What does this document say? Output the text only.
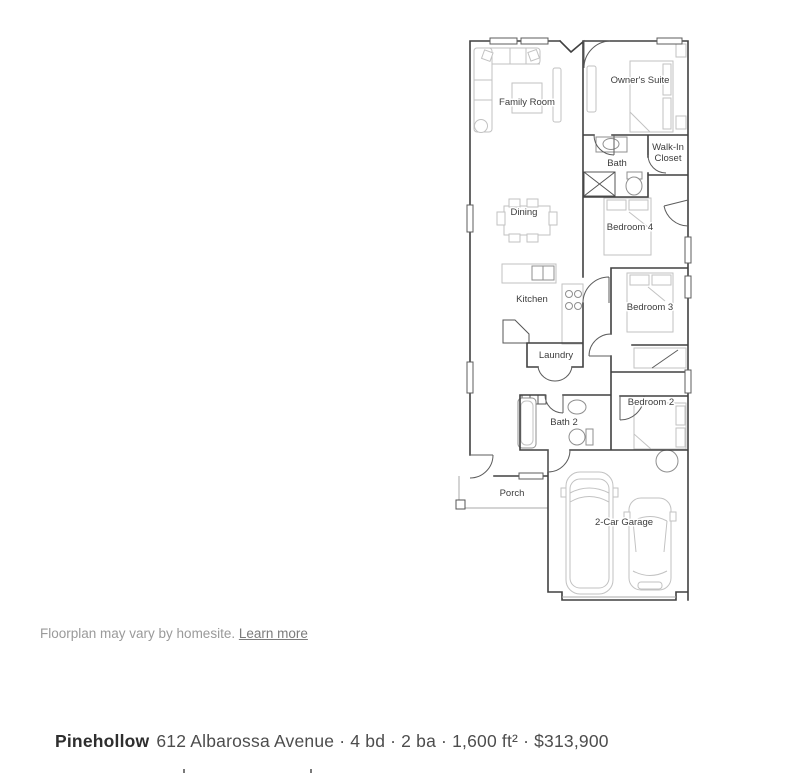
Family Room
Owner's Suite
Bath
Walk-In
Closet
Dining
Bedroom 4
Kitchen
Bedroom 3
Laundry
Bath 2
Bedroom 2
Porch
2-Car Garage
Floorplan may vary by homesite. Learn more
Pinehollow 612 Albarossa Avenue · 4 bd · 2 ba · 1,600 ft² · $313,900
